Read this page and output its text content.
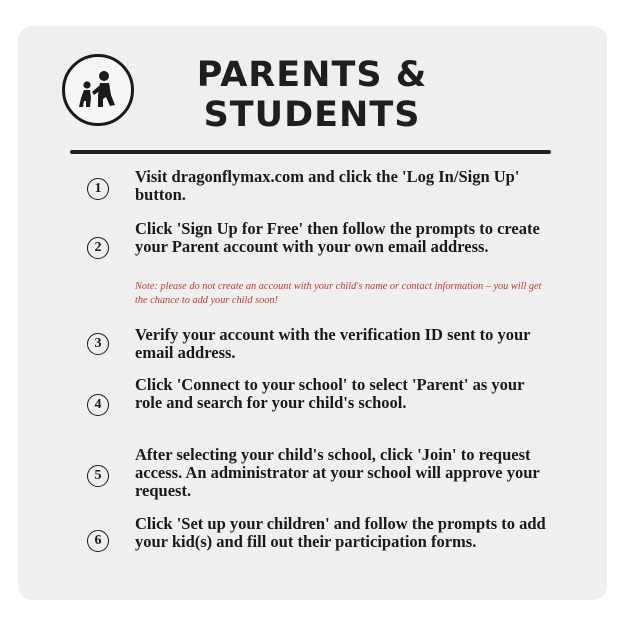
PARENTS &
STUDENTS
1

Visit dragonflymax.com and click the 'Log In/Sign Up' button.

2

Click 'Sign Up for Free' then follow the prompts to create your Parent account with your own email address.

Note: please do not create an account with your child's name or contact information – you will get the chance to add your child soon!

3	Verify your account with the verification ID sent to your email address.

4

Click 'Connect to your school' to select 'Parent' as your role and search for your child's school.

5

After selecting your child's school, click 'Join' to request access. An administrator at your school will approve your request.

6

Click 'Set up your children' and follow the prompts to add your kid(s) and fill out their participation forms.
